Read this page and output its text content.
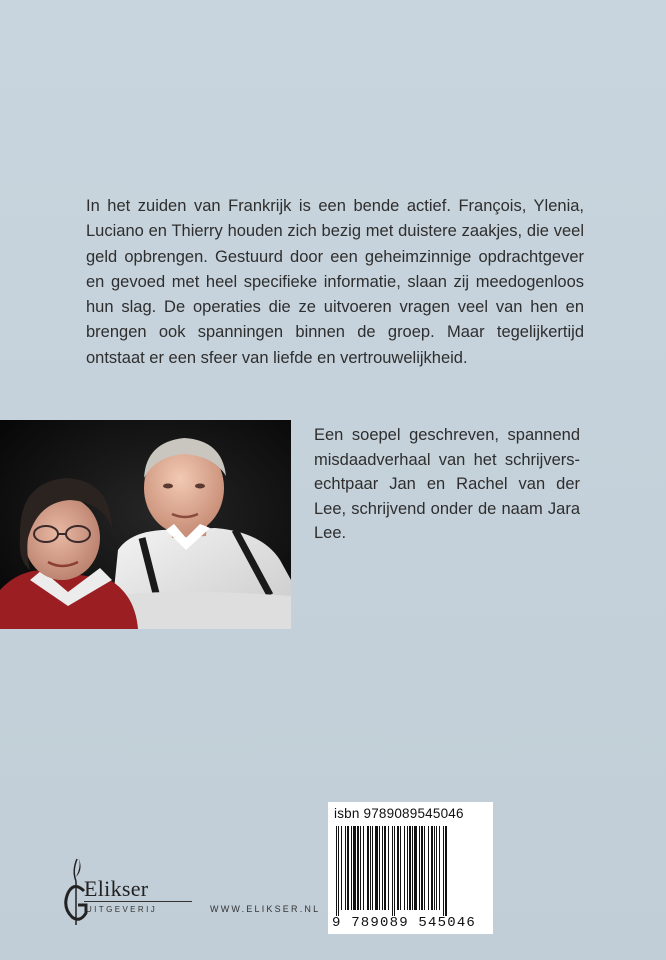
In het zuiden van Frankrijk is een bende actief. François, Ylenia, Luciano en Thierry houden zich bezig met duistere zaakjes, die veel geld opbrengen. Gestuurd door een geheimzinnige opdrachtgever en gevoed met heel specifieke informatie, slaan zij meedogenloos hun slag. De operaties die ze uitvoeren vragen veel van hen en brengen ook spanningen binnen de groep. Maar tegelijkertijd ontstaat er een sfeer van liefde en vertrouwelijkheid.

Een soepel geschreven, spannend misdaadverhaal van het schrijversechtpaar Jan en Rachel van der Lee, schrijvend onder de naam Jara Lee.

Elikser
UITGEVERIJ	WWW.ELIKSER.NL
isbn 9789089545046
9 789089 545046
